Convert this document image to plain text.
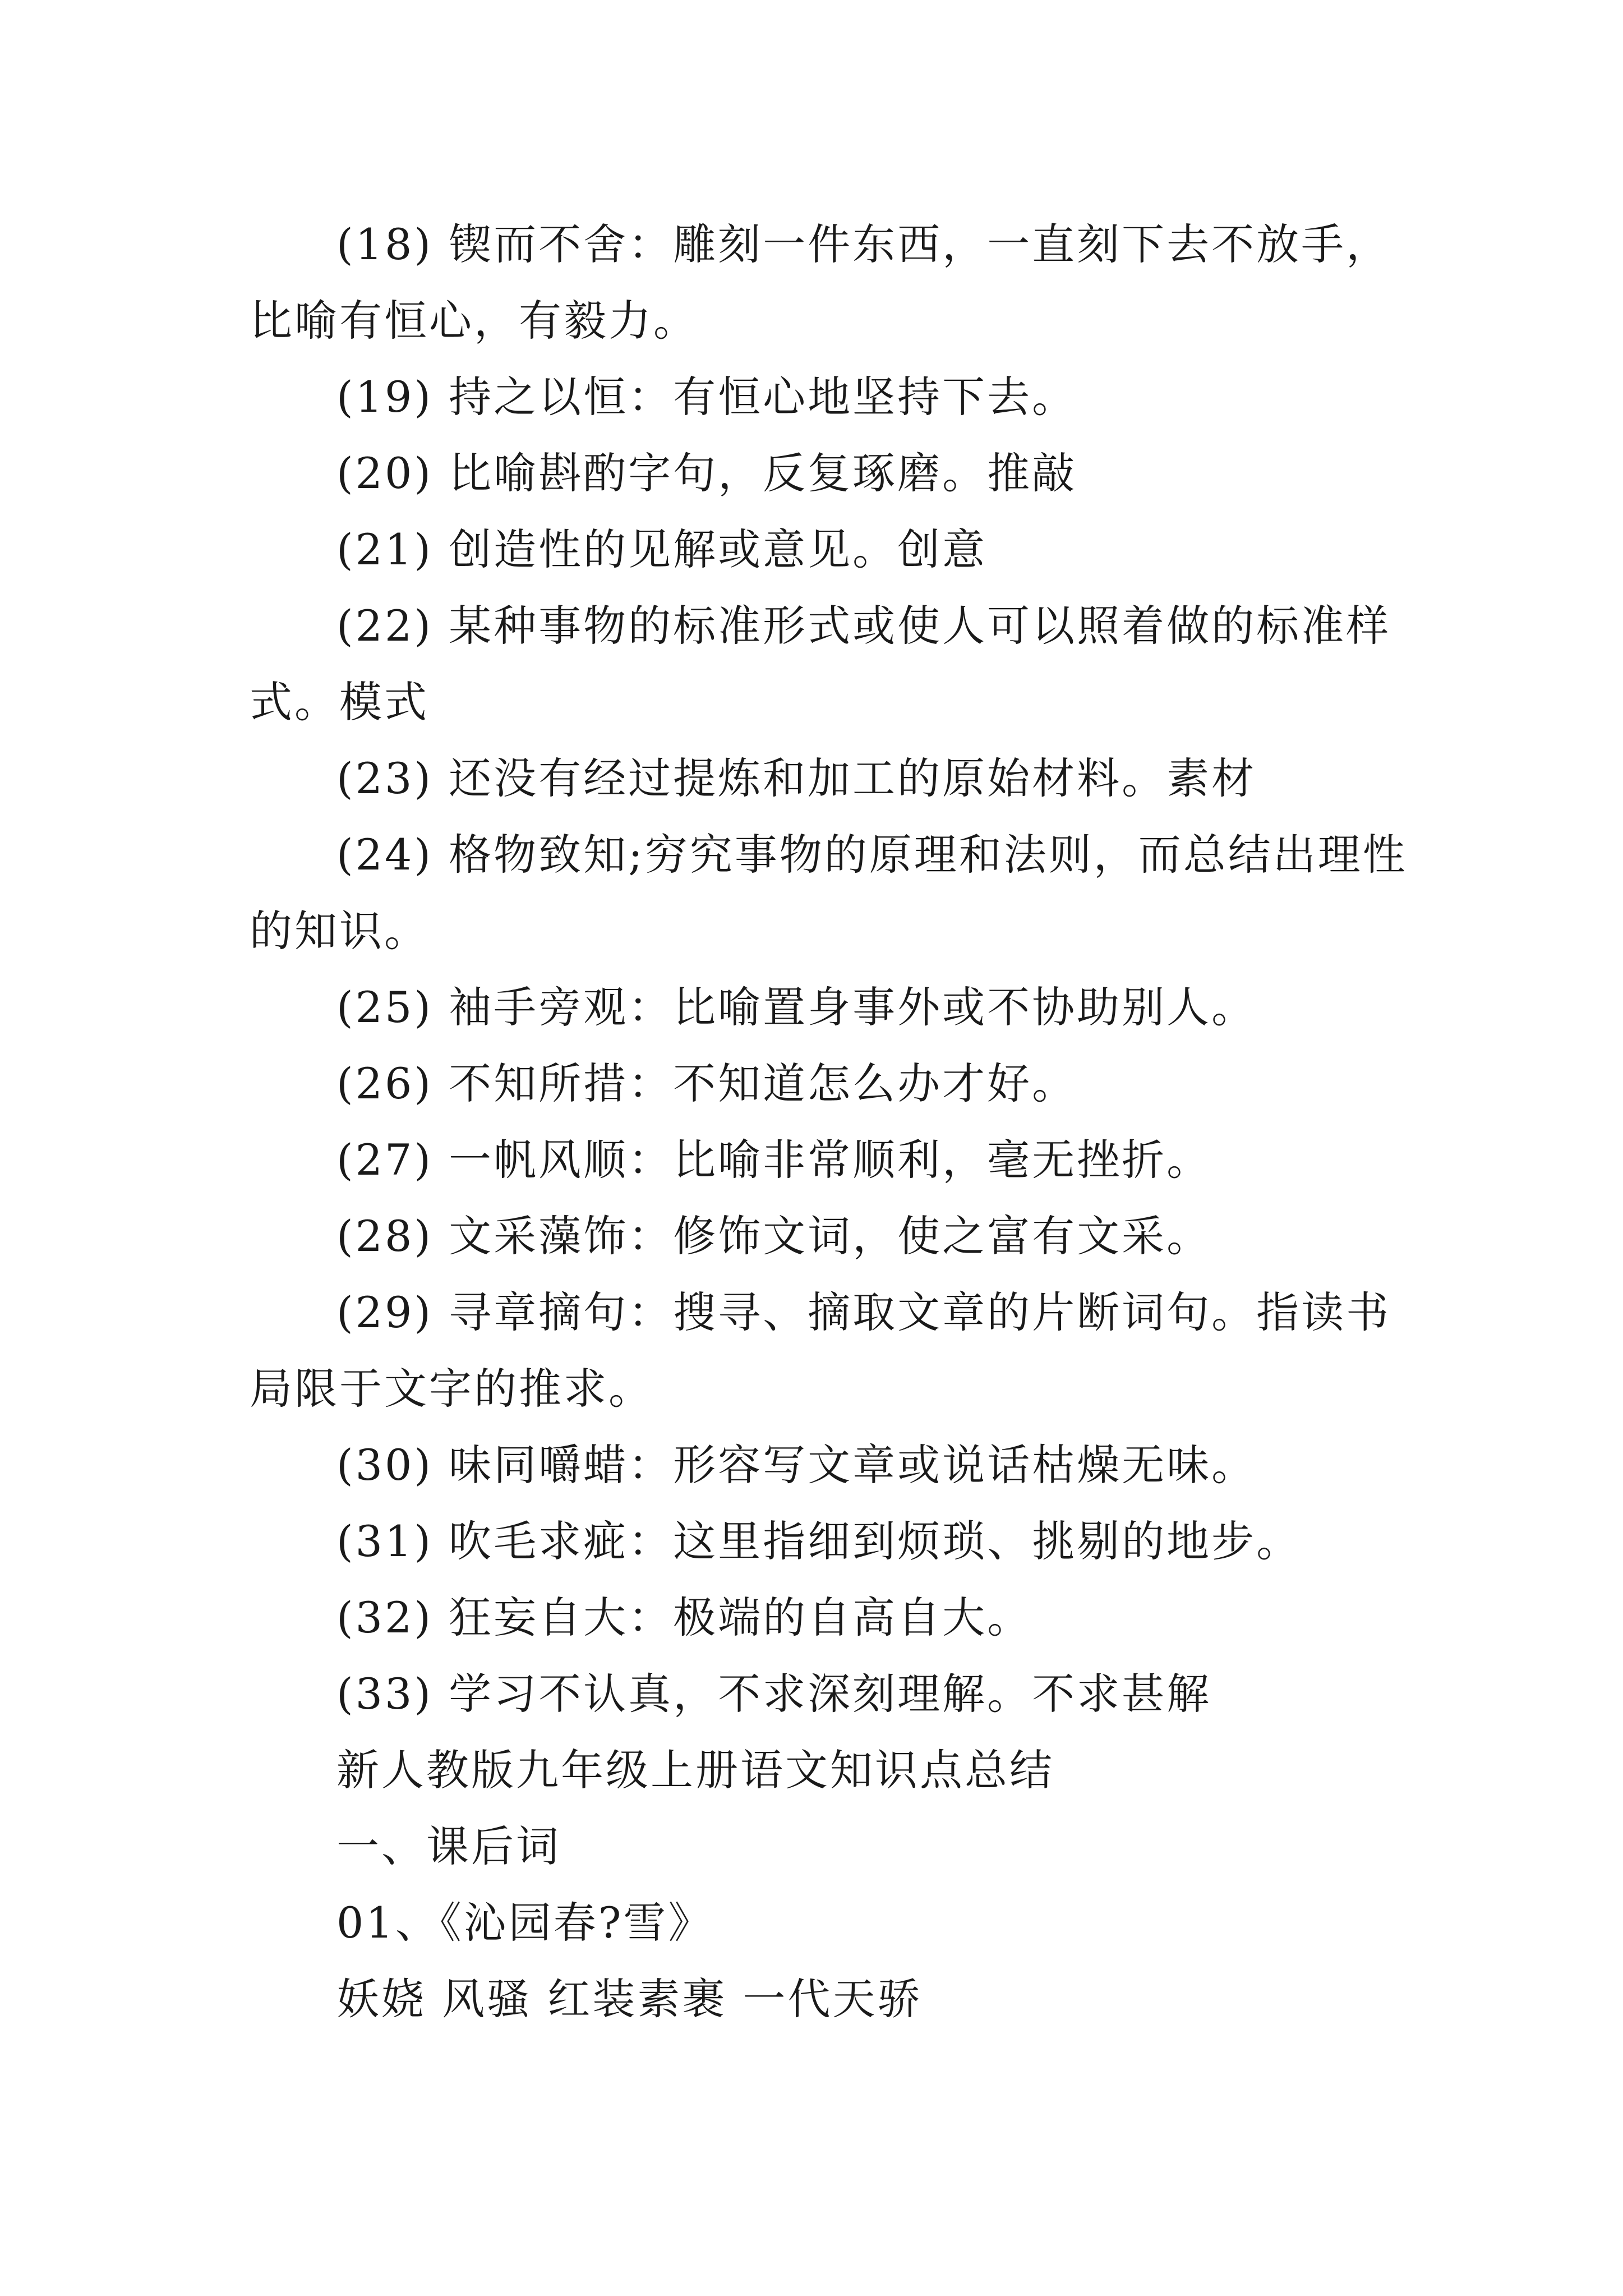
(18) 锲而不舍：雕刻一件东西，一直刻下去不放手，
比喻有恒心，有毅力。
(19) 持之以恒：有恒心地坚持下去。
(20) 比喻斟酌字句，反复琢磨。推敲
(21) 创造性的见解或意见。创意
(22) 某种事物的标准形式或使人可以照着做的标准样
式。模式
(23) 还没有经过提炼和加工的原始材料。素材
(24) 格物致知;穷究事物的原理和法则，而总结出理性
的知识。
(25) 袖手旁观：比喻置身事外或不协助别人。
(26) 不知所措：不知道怎么办才好。
(27) 一帆风顺：比喻非常顺利，毫无挫折。
(28) 文采藻饰：修饰文词，使之富有文采。
(29) 寻章摘句：搜寻、摘取文章的片断词句。指读书
局限于文字的推求。
(30) 味同嚼蜡：形容写文章或说话枯燥无味。
(31) 吹毛求疵：这里指细到烦琐、挑剔的地步。
(32) 狂妄自大：极端的自高自大。
(33) 学习不认真，不求深刻理解。不求甚解
新人教版九年级上册语文知识点总结
一、课后词
01、《沁园春?雪》
妖娆 风骚 红装素裹 一代天骄
